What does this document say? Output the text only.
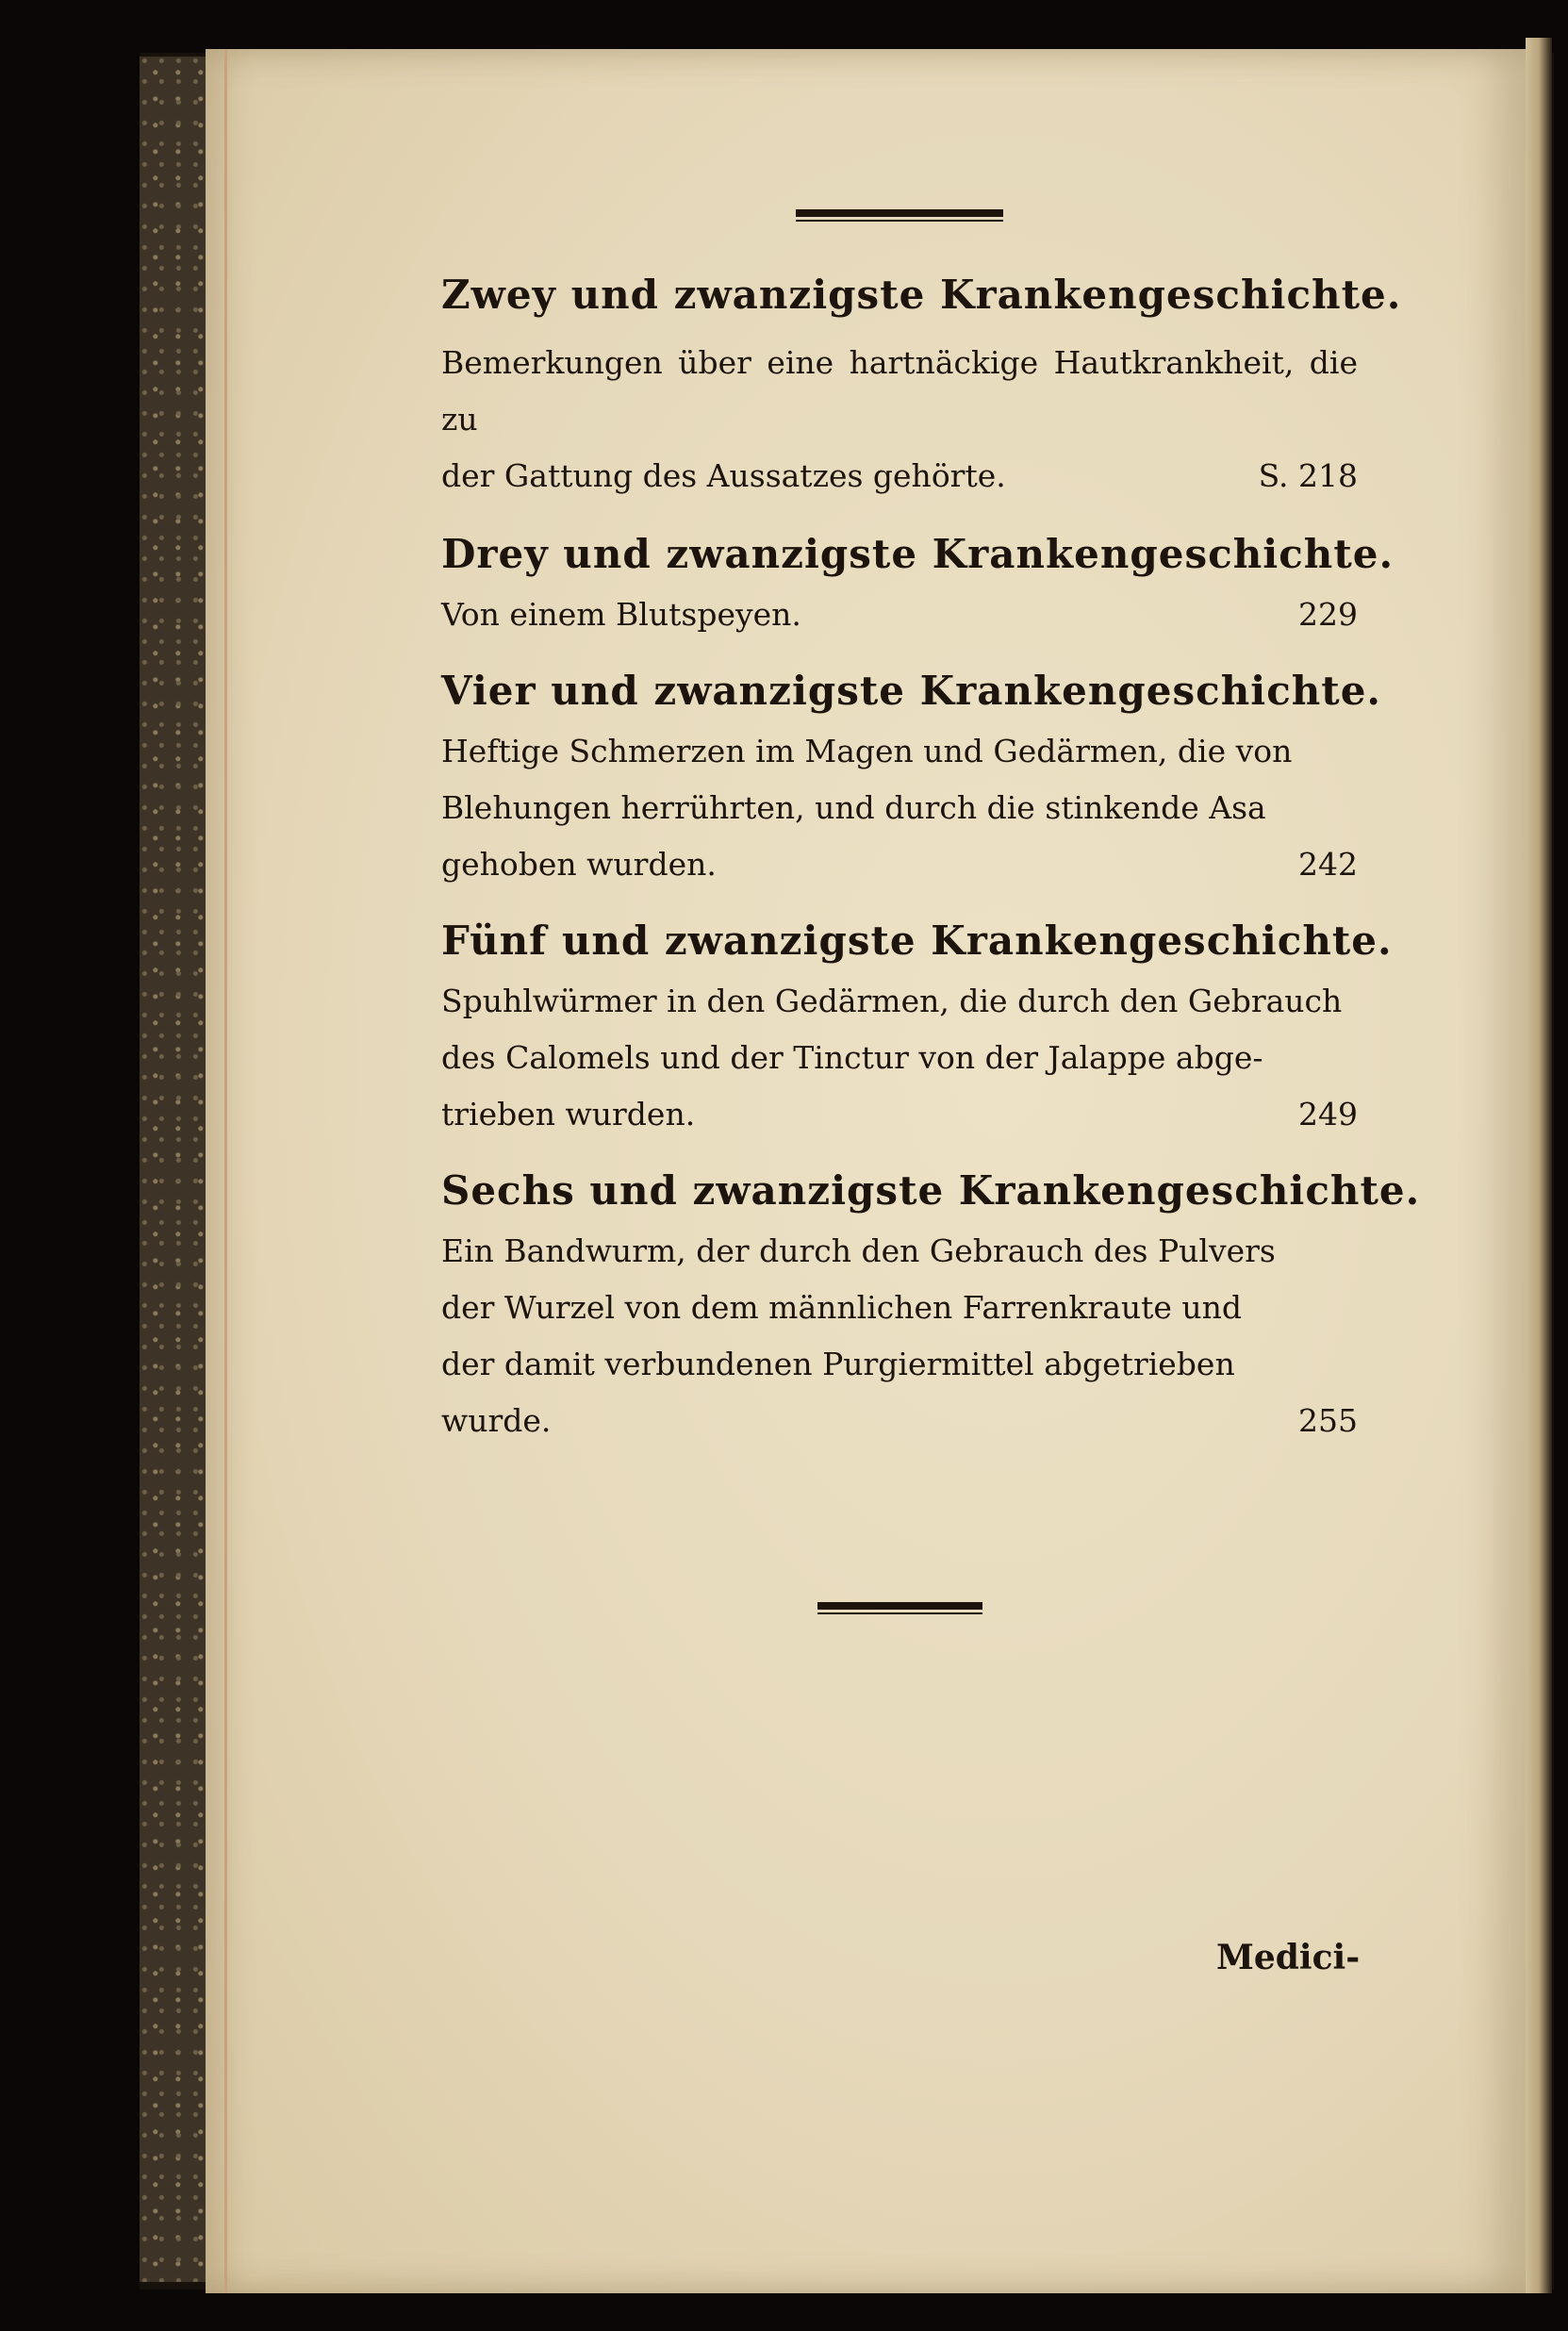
Zwey und zwanzigste Krankengeschichte.
Bemerkungen über eine hartnäckige Hautkrankheit, die zu
der Gattung des Aussatzes gehörte.	S. 218
Drey und zwanzigste Krankengeschichte.
Von einem Blutspeyen.	229
Vier und zwanzigste Krankengeschichte.
Heftige Schmerzen im Magen und Gedärmen, die von
Blehungen herrührten, und durch die stinkende Asa
gehoben wurden.	242
Fünf und zwanzigste Krankengeschichte.
Spuhlwürmer in den Gedärmen, die durch den Gebrauch
des Calomels und der Tinctur von der Jalappe abge-
trieben wurden.	249
Sechs und zwanzigste Krankengeschichte.
Ein Bandwurm, der durch den Gebrauch des Pulvers
der Wurzel von dem männlichen Farrenkraute und
der damit verbundenen Purgiermittel abgetrieben
wurde.	255
Medici-
